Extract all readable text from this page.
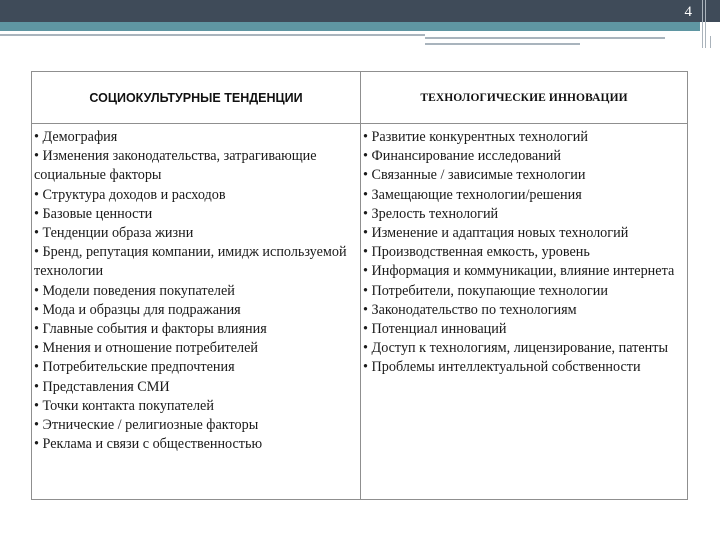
4
СОЦИОКУЛЬТУРНЫЕ ТЕНДЕНЦИИ	ТЕХНОЛОГИЧЕСКИЕ ИННОВАЦИИ
• Демография
• Изменения законодательства, затрагивающие социальные факторы
• Структура доходов и расходов
• Базовые ценности
• Тенденции образа жизни
• Бренд, репутация компании, имидж используемой технологии
• Модели поведения покупателей
• Мода и образцы для подражания
• Главные события и факторы влияния
• Мнения и отношение потребителей
• Потребительские предпочтения
• Представления СМИ
• Точки контакта покупателей
• Этнические / религиозные факторы
• Реклама и связи с общественностью
• Развитие конкурентных технологий
• Финансирование исследований
• Связанные / зависимые технологии
• Замещающие технологии/решения
• Зрелость технологий
• Изменение и адаптация новых технологий
• Производственная емкость, уровень
• Информация и коммуникации, влияние интернета
• Потребители, покупающие технологии
• Законодательство по технологиям
• Потенциал инноваций
• Доступ к технологиям, лицензирование, патенты
• Проблемы интеллектуальной собственности
